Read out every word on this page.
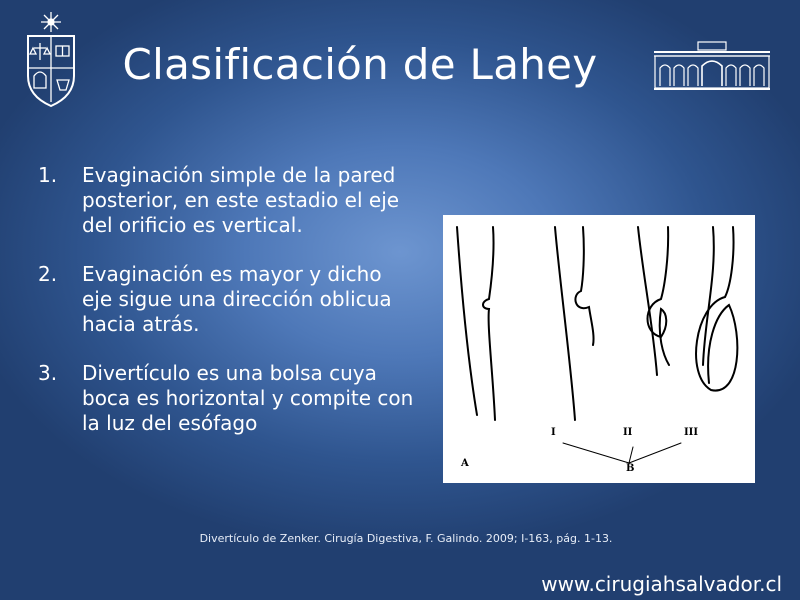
Clasificación de Lahey
1.	Evaginación simple de la pared posterior, en este estadio el eje del orificio es vertical.
2.	Evaginación es mayor y dicho eje sigue una dirección oblicua hacia atrás.
3.	Divertículo es una bolsa cuya boca es horizontal y compite con la luz del esófago	I	II	III
A	B
Divertículo de Zenker. Cirugía Digestiva, F. Galindo. 2009; I-163, pág. 1-13.
www.cirugiahsalvador.cl
